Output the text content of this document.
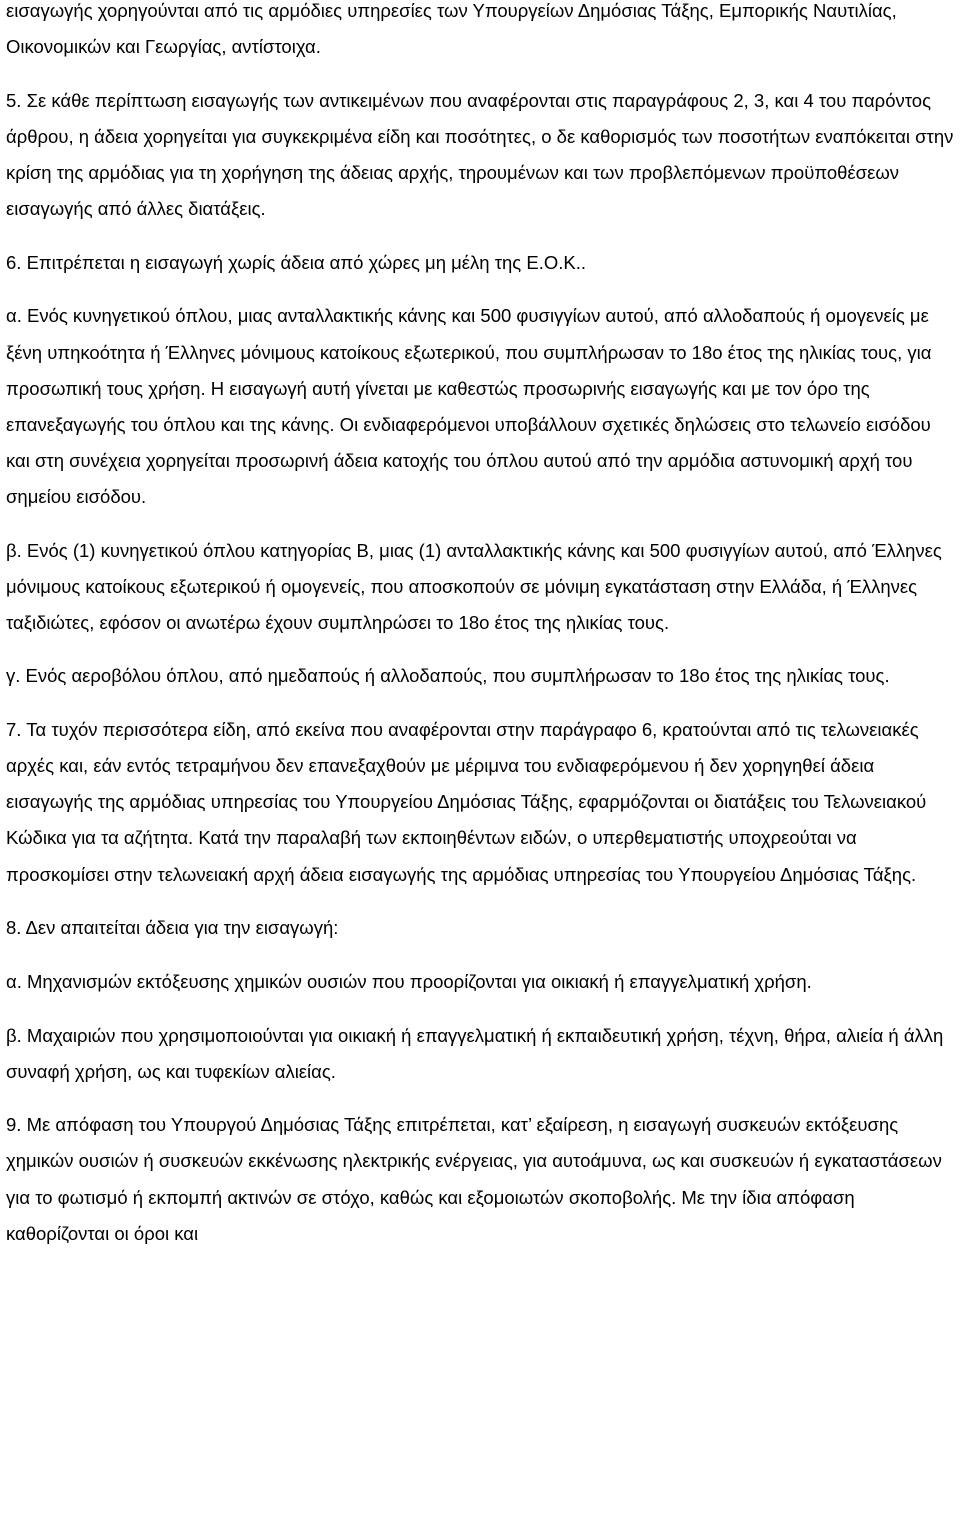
εισαγωγής χορηγούνται από τις αρμόδιες υπηρεσίες των Υπουργείων Δημόσιας Τάξης, Εμπορικής Ναυτιλίας, Οικονομικών και Γεωργίας, αντίστοιχα.

5. Σε κάθε περίπτωση εισαγωγής των αντικειμένων που αναφέρονται στις παραγράφους 2, 3, και 4 του παρόντος άρθρου, η άδεια χορηγείται για συγκεκριμένα είδη και ποσότητες, ο δε καθορισμός των ποσοτήτων εναπόκειται στην κρίση της αρμόδιας για τη χορήγηση της άδειας αρχής, τηρουμένων και των προβλεπόμενων προϋποθέσεων εισαγωγής από άλλες διατάξεις.

6. Επιτρέπεται η εισαγωγή χωρίς άδεια από χώρες μη μέλη της Ε.Ο.Κ..

α. Ενός κυνηγετικού όπλου, μιας ανταλλακτικής κάνης και 500 φυσιγγίων αυτού, από αλλοδαπούς ή ομογενείς με ξένη υπηκοότητα ή Έλληνες μόνιμους κατοίκους εξωτερικού, που συμπλήρωσαν το 18ο έτος της ηλικίας τους, για προσωπική τους χρήση. Η εισαγωγή αυτή γίνεται με καθεστώς προσωρινής εισαγωγής και με τον όρο της επανεξαγωγής του όπλου και της κάνης. Οι ενδιαφερόμενοι υποβάλλουν σχετικές δηλώσεις στο τελωνείο εισόδου και στη συνέχεια χορηγείται προσωρινή άδεια κατοχής του όπλου αυτού από την αρμόδια αστυνομική αρχή του σημείου εισόδου.

β. Ενός (1) κυνηγετικού όπλου κατηγορίας Β, μιας (1) ανταλλακτικής κάνης και 500 φυσιγγίων αυτού, από Έλληνες μόνιμους κατοίκους εξωτερικού ή ομογενείς, που αποσκοπούν σε μόνιμη εγκατάσταση στην Ελλάδα, ή Έλληνες ταξιδιώτες, εφόσον οι ανωτέρω έχουν συμπληρώσει το 18ο έτος της ηλικίας τους.

γ. Ενός αεροβόλου όπλου, από ημεδαπούς ή αλλοδαπούς, που συμπλήρωσαν το 18ο έτος της ηλικίας τους.

7. Τα τυχόν περισσότερα είδη, από εκείνα που αναφέρονται στην παράγραφο 6, κρατούνται από τις τελωνειακές αρχές και, εάν εντός τετραμήνου δεν επανεξαχθούν με μέριμνα του ενδιαφερόμενου ή δεν χορηγηθεί άδεια εισαγωγής της αρμόδιας υπηρεσίας του Υπουργείου Δημόσιας Τάξης, εφαρμόζονται οι διατάξεις του Τελωνειακού Κώδικα για τα αζήτητα. Κατά την παραλαβή των εκποιηθέντων ειδών, ο υπερθεματιστής υποχρεούται να προσκομίσει στην τελωνειακή αρχή άδεια εισαγωγής της αρμόδιας υπηρεσίας του Υπουργείου Δημόσιας Τάξης.

8. Δεν απαιτείται άδεια για την εισαγωγή:

α. Μηχανισμών εκτόξευσης χημικών ουσιών που προορίζονται για οικιακή ή επαγγελματική χρήση.

β. Μαχαιριών που χρησιμοποιούνται για οικιακή ή επαγγελματική ή εκπαιδευτική χρήση, τέχνη, θήρα, αλιεία ή άλλη συναφή χρήση, ως και τυφεκίων αλιείας.

9. Με απόφαση του Υπουργού Δημόσιας Τάξης επιτρέπεται, κατ’ εξαίρεση, η εισαγωγή συσκευών εκτόξευσης χημικών ουσιών ή συσκευών εκκένωσης ηλεκτρικής ενέργειας, για αυτοάμυνα, ως και συσκευών ή εγκαταστάσεων για το φωτισμό ή εκπομπή ακτινών σε στόχο, καθώς και εξομοιωτών σκοποβολής. Με την ίδια απόφαση καθορίζονται οι όροι και
